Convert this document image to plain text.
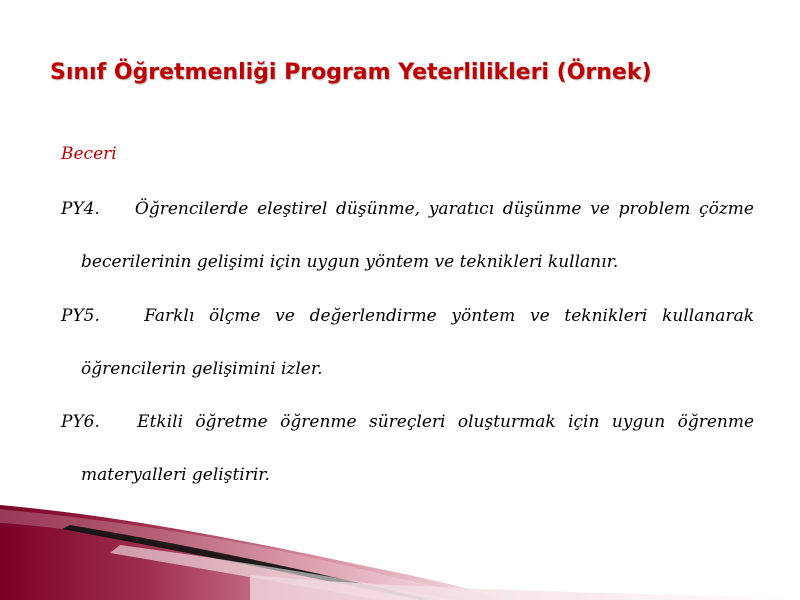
Sınıf Öğretmenliği Program Yeterlilikleri (Örnek)
Beceri

PY4. Öğrencilerde eleştirel düşünme, yaratıcı düşünme ve problem çözme becerilerinin gelişimi için uygun yöntem ve teknikleri kullanır.

PY5.	Farklı ölçme ve değerlendirme yöntem ve teknikleri kullanarak öğrencilerin gelişimini izler.

PY6. Etkili öğretme öğrenme süreçleri oluşturmak için uygun öğrenme materyalleri geliştirir.
